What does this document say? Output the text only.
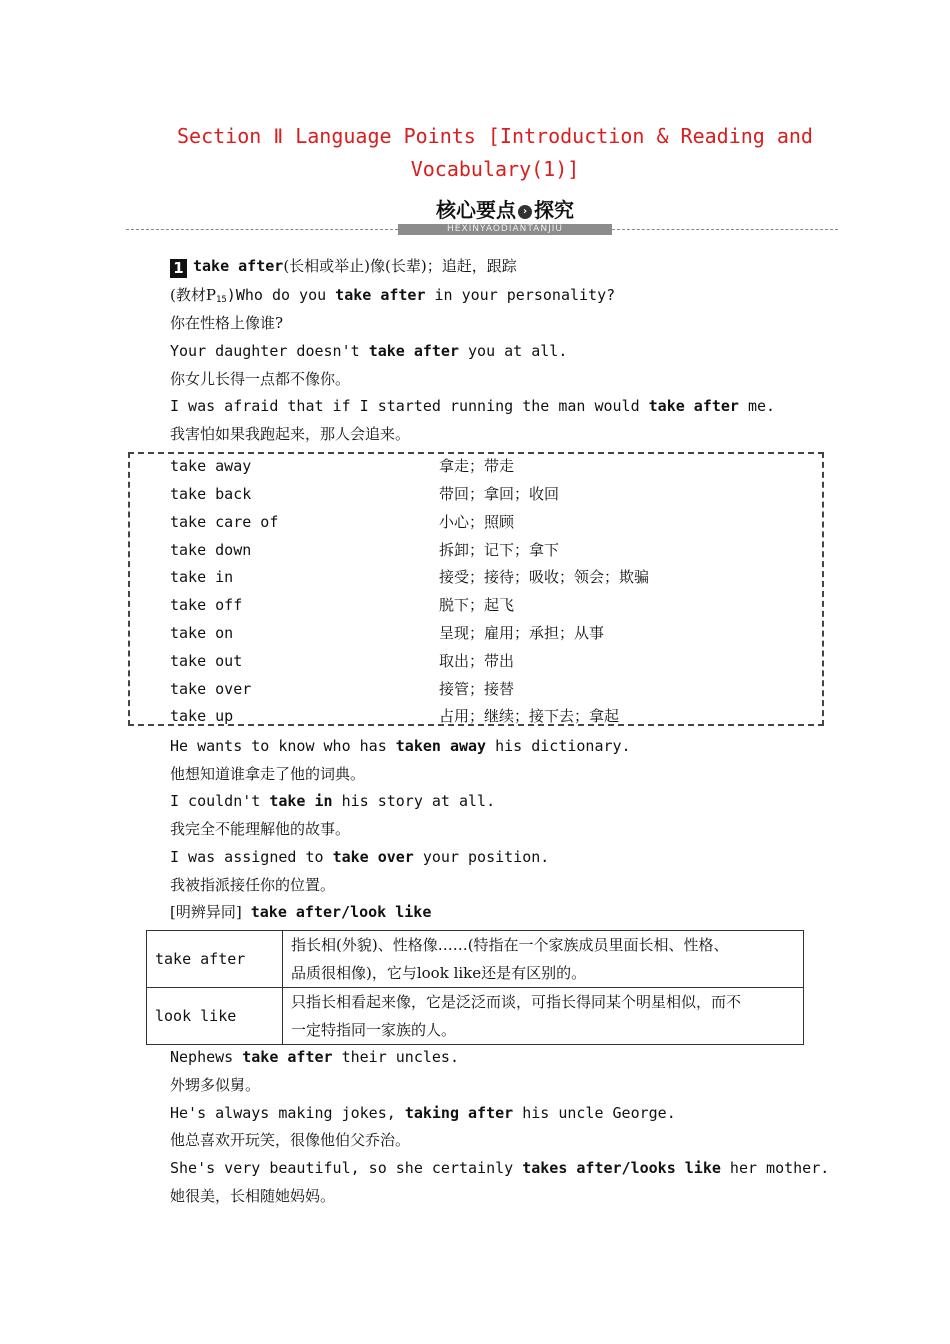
Section Ⅱ Language Points [Introduction & Reading and
Vocabulary(1)]
核心要点 › 探究
HEXINYAODIANTANJIU
1 take after(长相或举止)像(长辈)；追赶，跟踪
(教材$P_{15})Who$ do you take after in your personality?
你在性格上像谁?
Your daughter doesn't take after you at all.
你女儿长得一点都不像你。
I was afraid that if I started running the man would take after me.
我害怕如果我跑起来，那人会追来。
take away	拿走；带走
take back	带回；拿回；收回
take care of	小心；照顾
take down	拆卸；记下；拿下
take in	接受；接待；吸收；领会；欺骗
take off	脱下；起飞
take on	呈现；雇用；承担；从事
take out	取出；带出
take over	接管；接替
take up	占用；继续；接下去；拿起
He wants to know who has taken away his dictionary.
他想知道谁拿走了他的词典。
I couldn't take in his story at all.
我完全不能理解他的故事。
I was assigned to take over your position.
我被指派接任你的位置。
[明辨异同] take after/look like
take after	指长相(外貌)、性格像……(特指在一个家族成员里面长相、性格、
品质很相像)，它与look like还是有区别的。

look like	只指长相看起来像，它是泛泛而谈，可指长得同某个明星相似，而不
一定特指同一家族的人。
Nephews take after their uncles.
外甥多似舅。
He's always making jokes, taking after his uncle George.
他总喜欢开玩笑，很像他伯父乔治。
She's very beautiful, so she certainly takes after/looks like her mother.
她很美，长相随她妈妈。
